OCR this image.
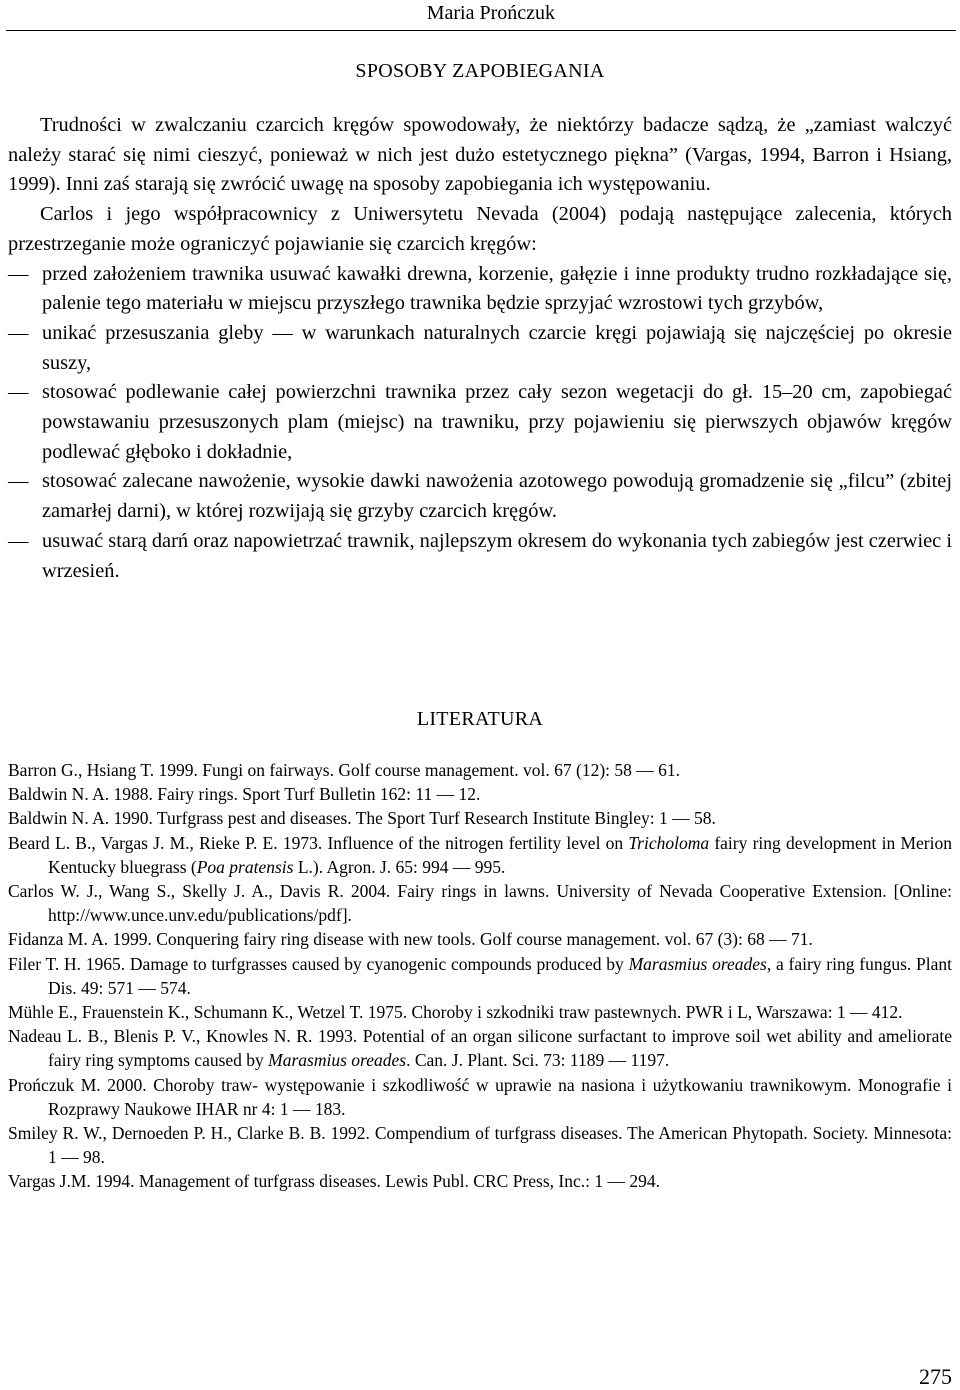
Maria Prończuk
SPOSOBY ZAPOBIEGANIA

Trudności w zwalczaniu czarcich kręgów spowodowały, że niektórzy badacze sądzą, że „zamiast walczyć należy starać się nimi cieszyć, ponieważ w nich jest dużo estetycznego piękna” (Vargas, 1994, Barron i Hsiang, 1999). Inni zaś starają się zwrócić uwagę na sposoby zapobiegania ich występowaniu.

Carlos i jego współpracownicy z Uniwersytetu Nevada (2004) podają następujące zalecenia, których przestrzeganie może ograniczyć pojawianie się czarcich kręgów:

— przed założeniem trawnika usuwać kawałki drewna, korzenie, gałęzie i inne produkty trudno rozkładające się, palenie tego materiału w miejscu przyszłego trawnika będzie sprzyjać wzrostowi tych grzybów,
— unikać przesuszania gleby — w warunkach naturalnych czarcie kręgi pojawiają się najczęściej po okresie suszy,
— stosować podlewanie całej powierzchni trawnika przez cały sezon wegetacji do gł. 15–20 cm, zapobiegać powstawaniu przesuszonych plam (miejsc) na trawniku, przy pojawieniu się pierwszych objawów kręgów podlewać głęboko i dokładnie,
— stosować zalecane nawożenie, wysokie dawki nawożenia azotowego powodują gromadzenie się „filcu” (zbitej zamarłej darni), w której rozwijają się grzyby czarcich kręgów.
— usuwać starą darń oraz napowietrzać trawnik, najlepszym okresem do wykonania tych zabiegów jest czerwiec i wrzesień.
LITERATURA
Barron G., Hsiang T. 1999. Fungi on fairways. Golf course management. vol. 67 (12): 58 — 61.
Baldwin N. A. 1988. Fairy rings. Sport Turf Bulletin 162: 11 — 12.
Baldwin N. A. 1990. Turfgrass pest and diseases. The Sport Turf Research Institute Bingley: 1 — 58.
Beard L. B., Vargas J. M., Rieke P. E. 1973. Influence of the nitrogen fertility level on Tricholoma fairy ring development in Merion Kentucky bluegrass (Poa pratensis L.). Agron. J. 65: 994 — 995.
Carlos W. J., Wang S., Skelly J. A., Davis R. 2004. Fairy rings in lawns. University of Nevada Cooperative Extension. [Online: http://www.unce.unv.edu/publications/pdf].
Fidanza M. A. 1999. Conquering fairy ring disease with new tools. Golf course management. vol. 67 (3): 68 — 71.
Filer T. H. 1965. Damage to turfgrasses caused by cyanogenic compounds produced by Marasmius oreades, a fairy ring fungus. Plant Dis. 49: 571 — 574.
Mühle E., Frauenstein K., Schumann K., Wetzel T. 1975. Choroby i szkodniki traw pastewnych. PWR i L, Warszawa: 1 — 412.
Nadeau L. B., Blenis P. V., Knowles N. R. 1993. Potential of an organ silicone surfactant to improve soil wet ability and ameliorate fairy ring symptoms caused by Marasmius oreades. Can. J. Plant. Sci. 73: 1189 — 1197.
Prończuk M. 2000. Choroby traw- występowanie i szkodliwość w uprawie na nasiona i użytkowaniu trawnikowym. Monografie i Rozprawy Naukowe IHAR nr 4: 1 — 183.
Smiley R. W., Dernoeden P. H., Clarke B. B. 1992. Compendium of turfgrass diseases. The American Phytopath. Society. Minnesota: 1 — 98.
Vargas J.M. 1994. Management of turfgrass diseases. Lewis Publ. CRC Press, Inc.: 1 — 294.
275
